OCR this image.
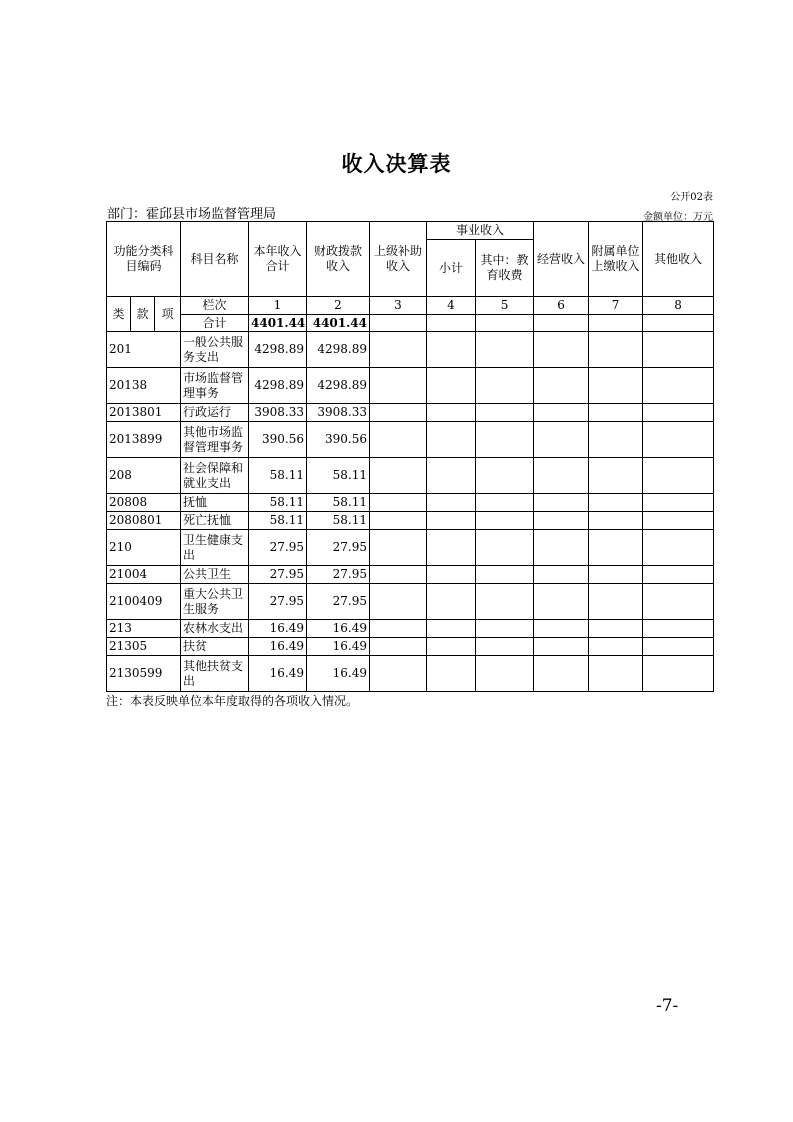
收入决算表
公开02表
部门：霍邱县市场监督管理局	金额单位：万元
功能分类科目编码			科目名称	本年收入合计	财政拨款收入	上级补助收入	事业收入		经营收入	附属单位上缴收入	其他收入
							小计	其中：教育收费			
类	款	项	栏次	1	2	3	4	5	6	7	8
			合计	4401.44	4401.44						
201			一般公共服务支出	4298.89	4298.89						
20138			市场监督管理事务	4298.89	4298.89						
2013801			行政运行	3908.33	3908.33						
2013899			其他市场监督管理事务	390.56	390.56						
208			社会保障和就业支出	58.11	58.11						
20808			抚恤	58.11	58.11						
2080801			死亡抚恤	58.11	58.11						
210			卫生健康支出	27.95	27.95						
21004			公共卫生	27.95	27.95						
2100409			重大公共卫生服务	27.95	27.95						
213			农林水支出	16.49	16.49						
21305			扶贫	16.49	16.49						
2130599			其他扶贫支出	16.49	16.49						
注：本表反映单位本年度取得的各项收入情况。
-7-
